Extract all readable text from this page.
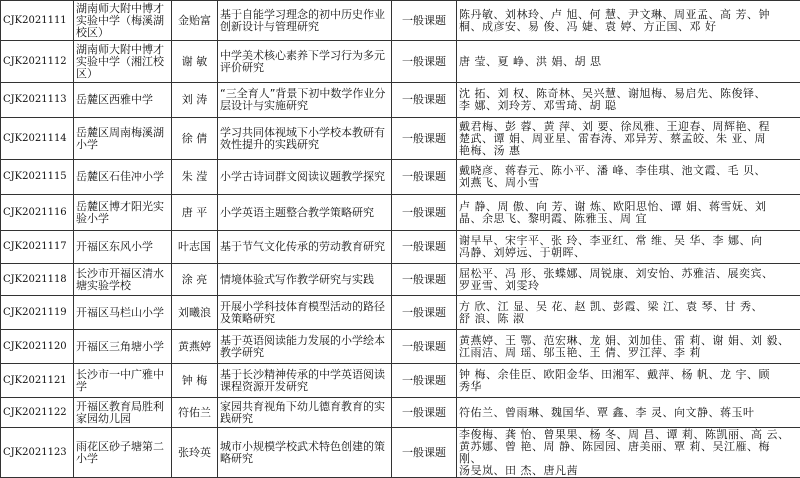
CJK2021111	湖南师大附中博才实验中学（梅溪湖校区）	金贻富	基于自能学习理念的初中历史作业创新设计与管理研究	一般课题	陈丹敏、刘林玲、卢 旭、何 慧、尹文琳、周亚孟、高 芳、钟
桐、成彦安、易 俊、冯 婕、袁 婷、方正国、邓 好

CJK2021112	湖南师大附中博才实验中学（湘江校区）	谢 敏	中学美术核心素养下学习行为多元评价研究	一般课题	唐 莹、夏 峥、洪 娟、胡 思

CJK2021113	岳麓区西雅中学	刘 涛	“三全育人”背景下初中数学作业分层设计与实施研究	一般课题	沈 拓、刘 权、陈奇林、吴兴慧、谢旭梅、易启先、陈俊铎、
李 娜、刘玲芳、邓雪琦、胡 聪

CJK2021114	岳麓区周南梅溪湖小学	徐 倩	学习共同体视域下小学校本教研有效性提升的实践研究	一般课题	戴君梅、彭 蓉、黄 萍、刘 要、徐凤雅、王迎春、周辉艳、程
楚武、谭 娟、周亚星、雷春涛、邓异芳、蔡孟皎、朱 亚、周
艳梅、汤 惠

CJK2021115	岳麓区石佳冲小学	朱 滢	小学古诗词群文阅读议题教学探究	一般课题	戴晓彦、蒋春元、陈小平、潘 峰、李佳琪、池文霞、毛 贝、
刘燕飞、周小雪

CJK2021116	岳麓区博才阳光实验小学	唐 平	小学英语主题整合教学策略研究	一般课题	卢 静、周 傲、向 芳、谢 炼、欧阳思怡、谭 娟、蒋雪妩、刘
晶、余思飞、黎明霞、陈雅玉、周 宜

CJK2021117	开福区东风小学	叶志国	基于节气文化传承的劳动教育研究	一般课题	谢早早、宋宇平、张 玲、李亚红、常 维、吴 华、李 娜、向
冯静、刘婷远、于朝晖、

CJK2021118	长沙市开福区清水塘实验学校	涂 亮	情境体验式写作教学研究与实践	一般课题	屈松平、冯 形、张蝶娜、周锐康、刘安怡、苏雅洁、展奕宾、
罗亚雪、刘雯玲

CJK2021119	开福区马栏山小学	刘曦浪	开展小学科技体育模型活动的路径及策略研究	一般课题	方 欣、江 显、吴 花、赵 凯、彭霞、梁 江、袁 琴、甘 秀、
舒 浪、陈 淑

CJK2021120	开福区三角塘小学	黄燕婷	基于英语阅读能力发展的小学绘本教学研究	一般课题	黄燕婷、王 鄂、范宏琳、龙 娟、刘加佳、雷 莉、谢 娟、刘 毅、
江雨洁、周 瑶、邬玉艳、王 倩、罗江萍、李 莉

CJK2021121	长沙市一中广雅中学	钟 梅	基于长沙精神传承的中学英语阅读课程资源开发研究	一般课题	钟 梅、余佳臣、欧阳金华、田湘军、戴萍、杨 帆、龙 宇、顾
秀华

CJK2021122	开福区教育局胜利家园幼儿园	符佑兰	家园共育视角下幼儿德育教育的实践研究	一般课题	符佑兰、曾雨琳、魏国华、覃 鑫、李 灵、向文静、蒋玉叶

CJK2021123	雨花区砂子塘第二小学	张玲英	城市小规模学校武术特色创建的策略研究	一般课题	李俊梅、龚 怡、曾果果、杨 冬、周 昌、谭 莉、陈凯丽、高 云、
黄苏娜、曾 艳、周 静、陈园园、唐美丽、覃 莉、吴江雁、梅
刚、
汤旻岚、田 杰、唐凡茜
